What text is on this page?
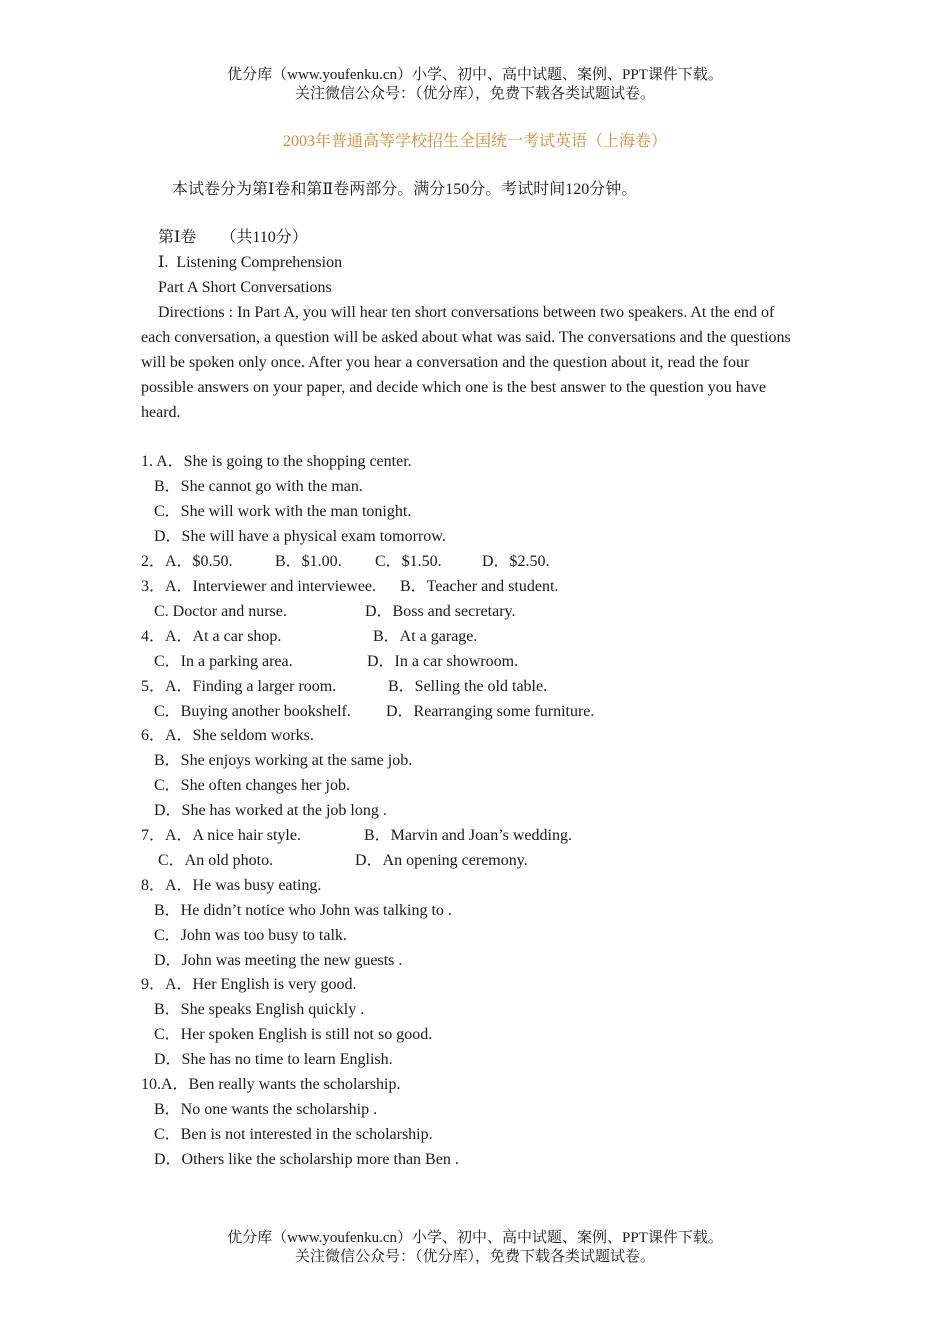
优分库（www.youfenku.cn）小学、初中、高中试题、案例、PPT课件下载。
关注微信公众号：（优分库），免费下载各类试题试卷。
2003年普通高等学校招生全国统一考试英语（上海卷）
本试卷分为第Ⅰ卷和第Ⅱ卷两部分。满分150分。考试时间120分钟。
第Ⅰ卷　　（共110分）
Ⅰ.  Listening Comprehension
Part A Short Conversations
Directions : In Part A, you will hear ten short conversations between two speakers. At the end of each conversation, a question will be asked about what was said. The conversations and the questions will be spoken only once. After you hear a conversation and the question about it, read the four possible answers on your paper, and decide which one is the best answer to the question you have heard.
1. A．She is going to the shopping center.
B．She cannot go with the man.
C．She will work with the man tonight.
D．She will have a physical exam tomorrow.
2．A．$0.50.	B．$1.00. C．$1.50.	D．$2.50.
3．A．Interviewer and interviewee. B．Teacher and student.
C. Doctor and nurse.	D．Boss and secretary.
4．A．At a car shop.	B．At a garage.
C．In a parking area.	D．In a car showroom.
5．A．Finding a larger room.	B．Selling the old table.
C．Buying another bookshelf. D．Rearranging some furniture.
6．A．She seldom works.
B．She enjoys working at the same job.
C．She often changes her job.
D．She has worked at the job long .
7．A．A nice hair style.	B．Marvin and Joan’s wedding.
C．An old photo.	D．An opening ceremony.
8．A．He was busy eating.
B．He didn’t notice who John was talking to .
C．John was too busy to talk.
D．John was meeting the new guests .
9．A．Her English is very good.
B．She speaks English quickly .
C．Her spoken English is still not so good.
D．She has no time to learn English.
10.A．Ben really wants the scholarship.
B．No one wants the scholarship .
C．Ben is not interested in the scholarship.
D．Others like the scholarship more than Ben .
优分库（www.youfenku.cn）小学、初中、高中试题、案例、PPT课件下载。
关注微信公众号：（优分库），免费下载各类试题试卷。
